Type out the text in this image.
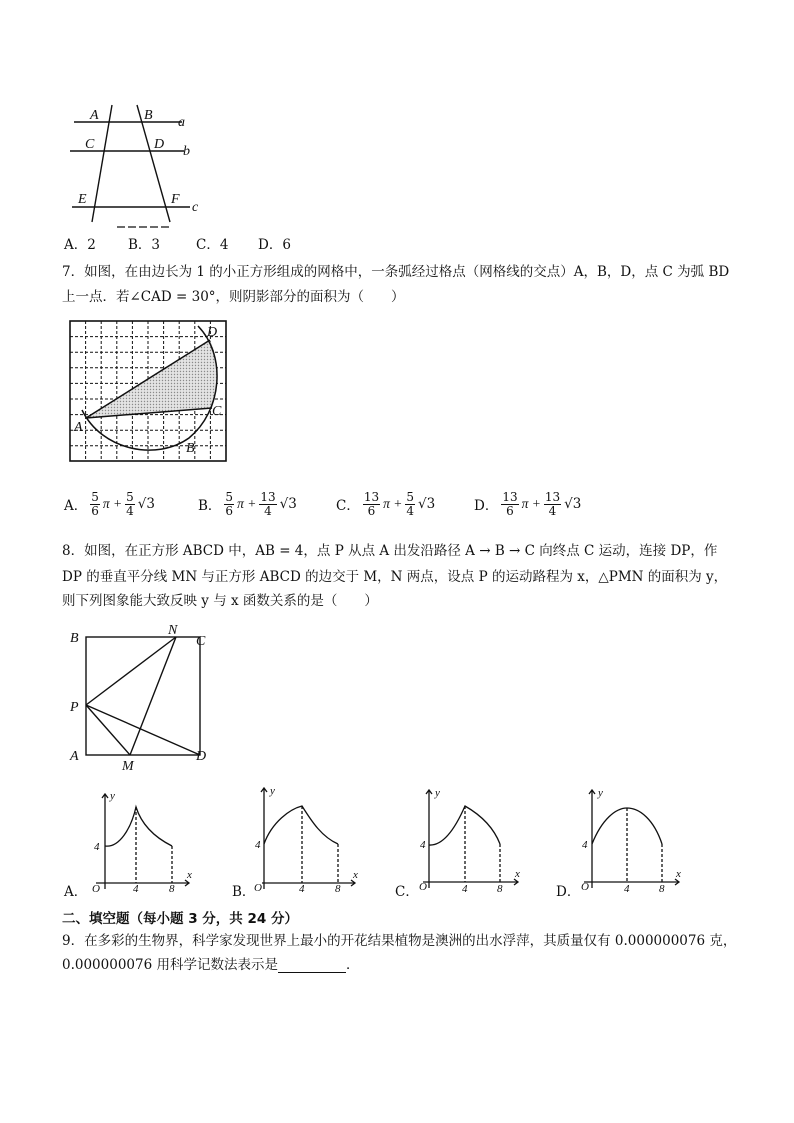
A	B
C	D
E	F
a
b
c
A．2 B．3	C．4 D．6
7．如图，在由边长为 1 的小正方形组成的网格中，一条弧经过格点（网格线的交点）A，B，D，点 C 为弧 BD
上一点．若∠CAD = 30°，则阴影部分的面积为（　　）
A
B
C
D
A． $\frac{5}{6}$ $\pi + \frac{5}{4} √3$	B． $\frac{5}{6}$ $\pi + \frac{13}{4} √3$	C． $\frac{13}{6}$ $\pi + \frac{5}{4} √3$	D． $\frac{13}{6}$ $\pi + \frac{13}{4} √3$
8．如图，在正方形 ABCD 中，AB = 4，点 P 从点 A 出发沿路径 A → B → C 向终点 C 运动，连接 DP，作
DP 的垂直平分线 MN 与正方形 ABCD 的边交于 M，N 两点，设点 P 的运动路程为 x，△PMN 的面积为 y，
则下列图象能大致反映 y 与 x 函数关系的是（　　）
B
N
C
P
A
M
D
y
x
O
4
4	8
A．
y
x
O
4
4	8
B．
y
x
O
4
4	8
C．
y
x
O
4
4	8
D．
二、填空题（每小题 3 分，共 24 分）
9．在多彩的生物界，科学家发现世界上最小的开花结果植物是澳洲的出水浮萍，其质量仅有 0.000000076 克，
0.000000076 用科学记数法表示是	．
